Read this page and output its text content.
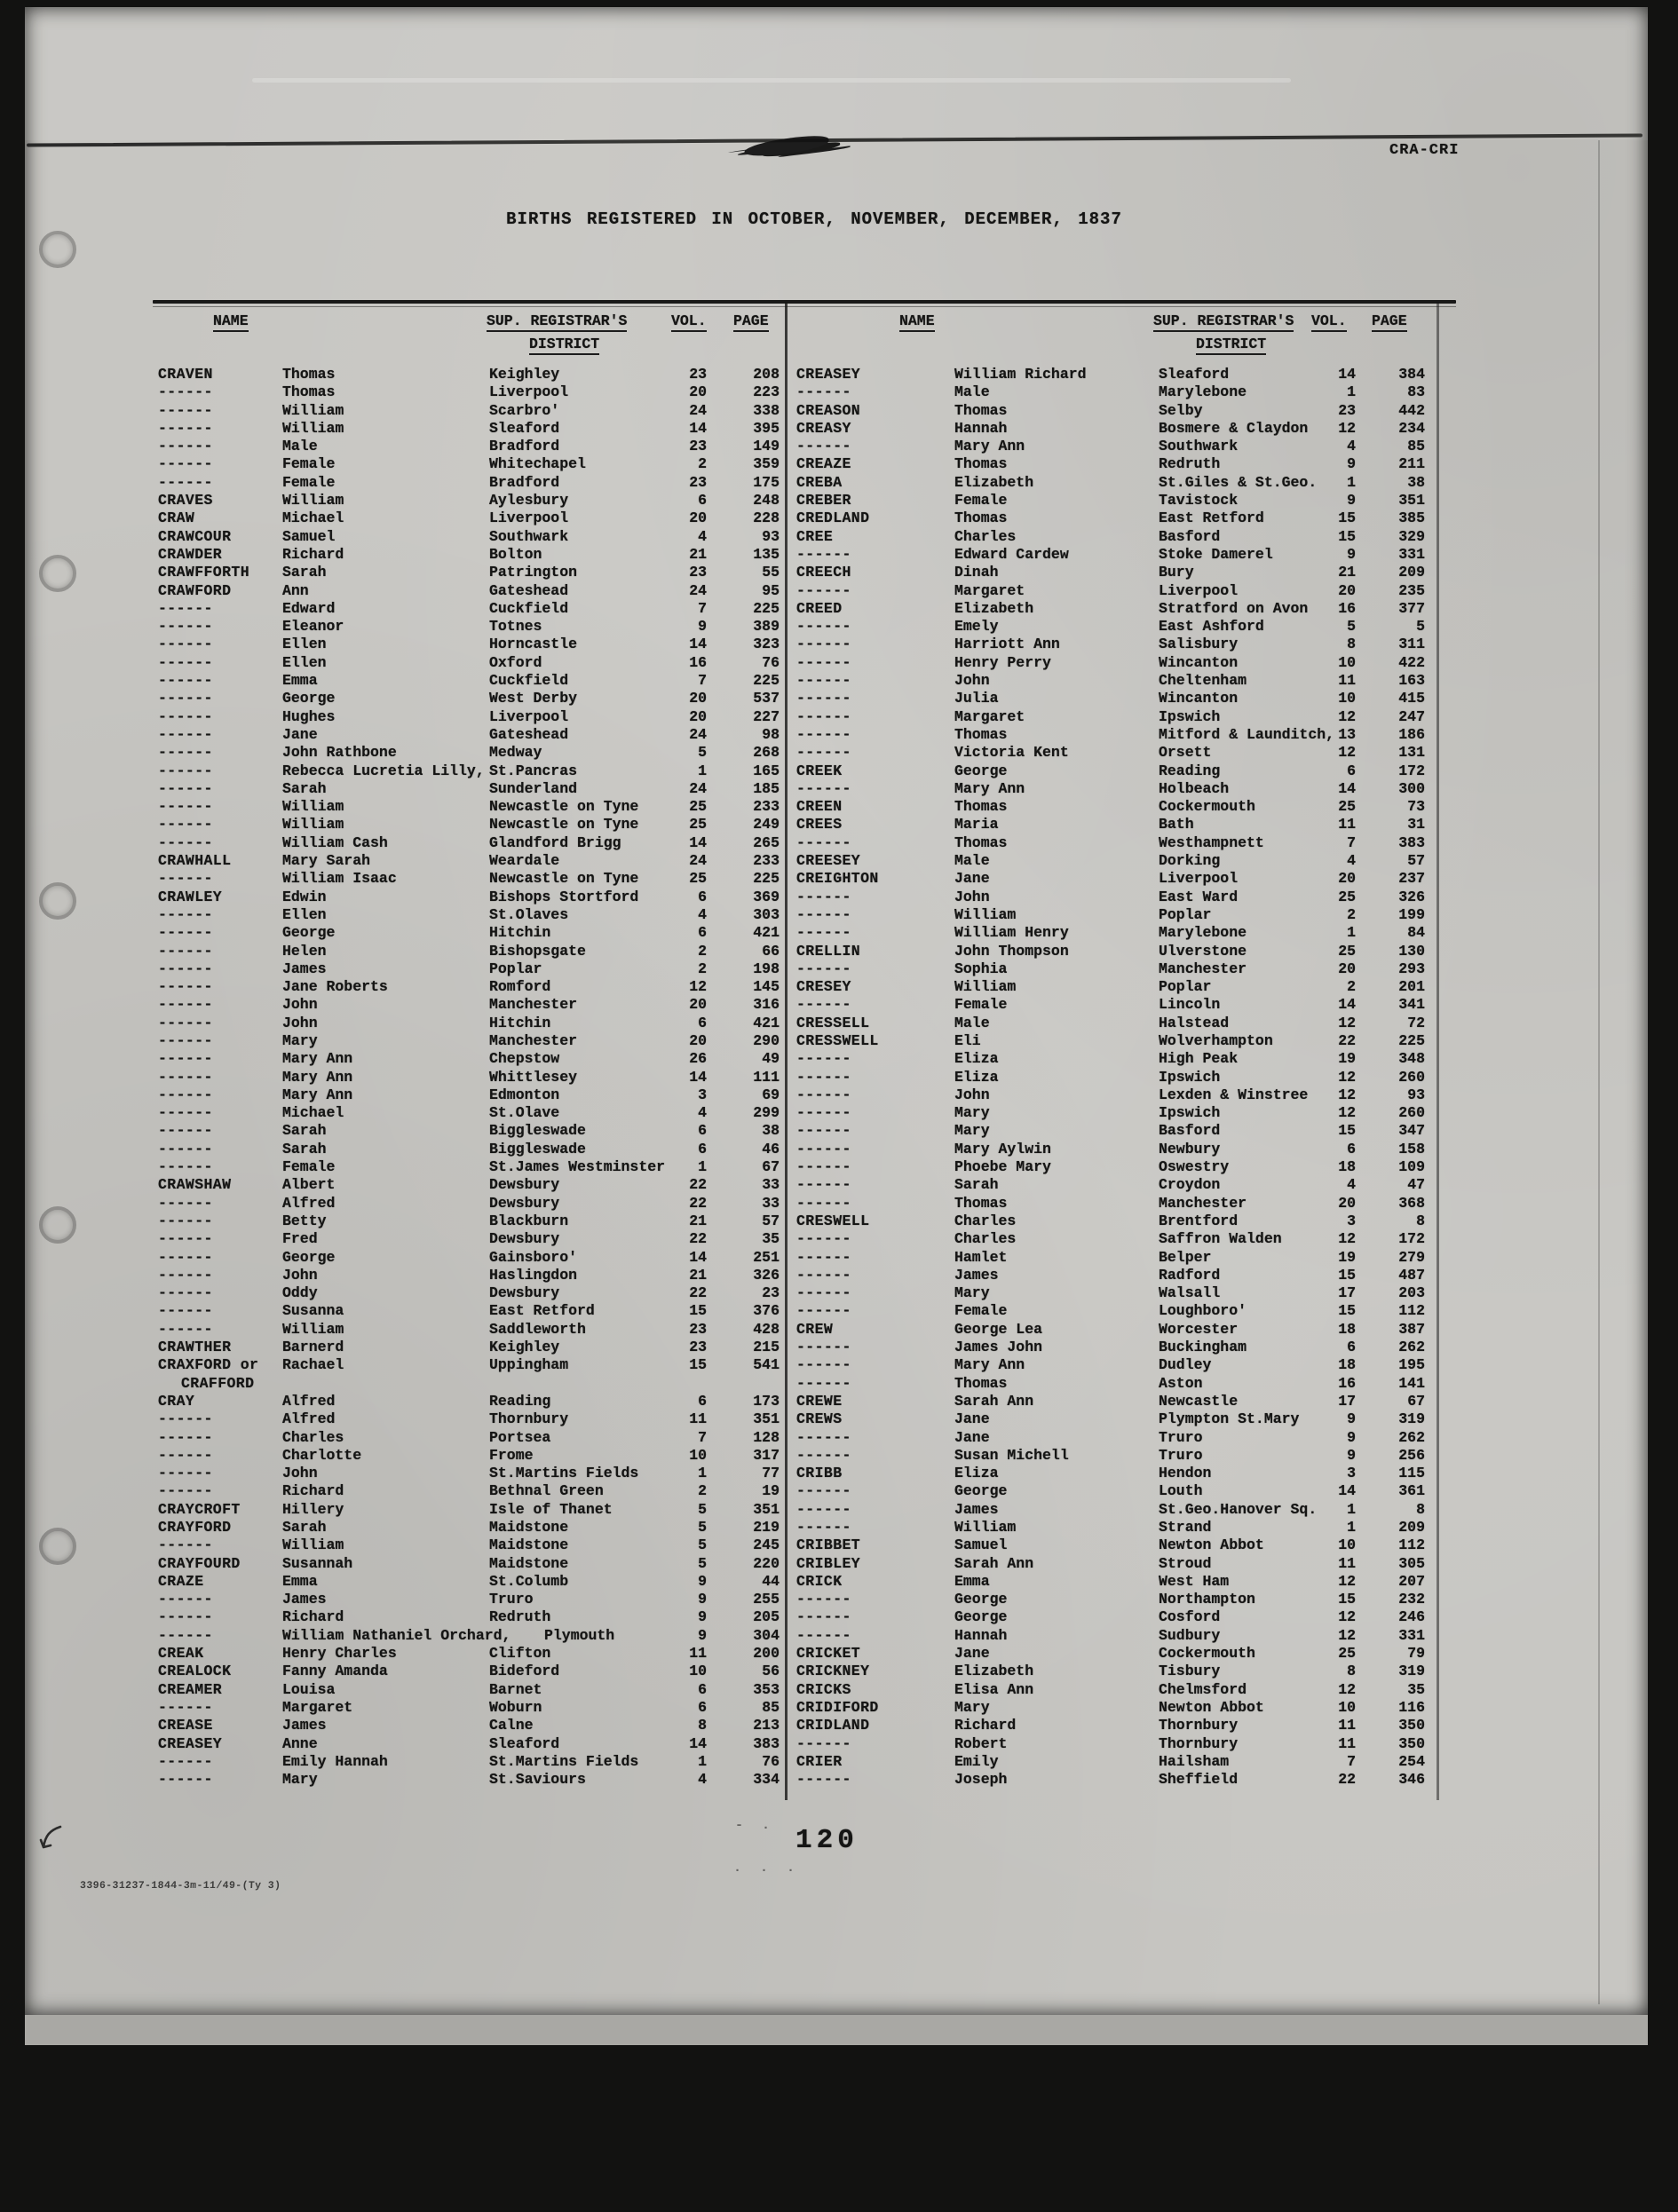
CRA-CRI
BIRTHS REGISTERED IN OCTOBER, NOVEMBER, DECEMBER, 1837
NAME	SUP. REGISTRAR'S
DISTRICT
VOL. PAGE
CRAVEN	Thomas	Keighley	23	208
------	Thomas	Liverpool	20	223
------	William	Scarbro'	24	338
------	William	Sleaford	14	395
------	Male	Bradford	23	149
------	Female	Whitechapel	2	359
------	Female	Bradford	23	175
CRAVES	William	Aylesbury	6	248
CRAW	Michael	Liverpool	20	228
CRAWCOUR	Samuel	Southwark	4	93
CRAWDER	Richard	Bolton	21	135
CRAWFFORTH	Sarah	Patrington	23	55
CRAWFORD	Ann	Gateshead	24	95
------	Edward	Cuckfield	7	225
------	Eleanor	Totnes	9	389
------	Ellen	Horncastle	14	323
------	Ellen	Oxford	16	76
------	Emma	Cuckfield	7	225
------	George	West Derby	20	537
------	Hughes	Liverpool	20	227
------	Jane	Gateshead	24	98
------	John Rathbone	Medway	5	268
------	Rebecca Lucretia Lilly, St.Pancras	1	165
------	Sarah	Sunderland	24	185
------	William	Newcastle on Tyne	25	233
------	William	Newcastle on Tyne	25	249
------	William Cash	Glandford Brigg	14	265
CRAWHALL	Mary Sarah	Weardale	24	233
------	William Isaac	Newcastle on Tyne	25	225
CRAWLEY	Edwin	Bishops Stortford	6	369
------	Ellen	St.Olaves	4	303
------	George	Hitchin	6	421
------	Helen	Bishopsgate	2	66
------	James	Poplar	2	198
------	Jane Roberts	Romford	12	145
------	John	Manchester	20	316
------	John	Hitchin	6	421
------	Mary	Manchester	20	290
------	Mary Ann	Chepstow	26	49
------	Mary Ann	Whittlesey	14	111
------	Mary Ann	Edmonton	3	69
------	Michael	St.Olave	4	299
------	Sarah	Biggleswade	6	38
------	Sarah	Biggleswade	6	46
------	Female	St.James Westminster	1	67
CRAWSHAW	Albert	Dewsbury	22	33
------	Alfred	Dewsbury	22	33
------	Betty	Blackburn	21	57
------	Fred	Dewsbury	22	35
------	George	Gainsboro'	14	251
------	John	Haslingdon	21	326
------	Oddy	Dewsbury	22	23
------	Susanna	East Retford	15	376
------	William	Saddleworth	23	428
CRAWTHER	Barnerd	Keighley	23	215
CRAXFORD or
CRAFFORD
Rachael	Uppingham	15	541
CRAY	Alfred	Reading	6	173
------	Alfred	Thornbury	11	351
------	Charles	Portsea	7	128
------	Charlotte	Frome	10	317
------	John	St.Martins Fields	1	77
------	Richard	Bethnal Green	2	19
CRAYCROFT	Hillery	Isle of Thanet	5	351
CRAYFORD	Sarah	Maidstone	5	219
------	William	Maidstone	5	245
CRAYFOURD	Susannah	Maidstone	5	220
CRAZE	Emma	St.Columb	9	44
------	James	Truro	9	255
------	Richard	Redruth	9	205
------	William Nathaniel Orchard,	Plymouth	9	304
CREAK	Henry Charles	Clifton	11	200
CREALOCK	Fanny Amanda	Bideford	10	56
CREAMER	Louisa	Barnet	6	353
------	Margaret	Woburn	6	85
CREASE	James	Calne	8	213
CREASEY	Anne	Sleaford	14	383
------	Emily Hannah	St.Martins Fields	1	76
------	Mary	St.Saviours	4	334
NAME	SUP. REGISTRAR'S
DISTRICT
VOL. PAGE
CREASEY	William Richard	Sleaford	14	384
------	Male	Marylebone	1	83
CREASON	Thomas	Selby	23	442
CREASY	Hannah	Bosmere & Claydon	12	234
------	Mary Ann	Southwark	4	85
CREAZE	Thomas	Redruth	9	211
CREBA	Elizabeth	St.Giles & St.Geo.	1	38
CREBER	Female	Tavistock	9	351
CREDLAND	Thomas	East Retford	15	385
CREE	Charles	Basford	15	329
------	Edward Cardew	Stoke Damerel	9	331
CREECH	Dinah	Bury	21	209
------	Margaret	Liverpool	20	235
CREED	Elizabeth	Stratford on Avon	16	377
------	Emely	East Ashford	5	5
------	Harriott Ann	Salisbury	8	311
------	Henry Perry	Wincanton	10	422
------	John	Cheltenham	11	163
------	Julia	Wincanton	10	415
------	Margaret	Ipswich	12	247
------	Thomas	Mitford & Launditch, 13	186
------	Victoria Kent	Orsett	12	131
CREEK	George	Reading	6	172
------	Mary Ann	Holbeach	14	300
CREEN	Thomas	Cockermouth	25	73
CREES	Maria	Bath	11	31
------	Thomas	Westhampnett	7	383
CREESEY	Male	Dorking	4	57
CREIGHTON	Jane	Liverpool	20	237
------	John	East Ward	25	326
------	William	Poplar	2	199
------	William Henry	Marylebone	1	84
CRELLIN	John Thompson	Ulverstone	25	130
------	Sophia	Manchester	20	293
CRESEY	William	Poplar	2	201
------	Female	Lincoln	14	341
CRESSELL	Male	Halstead	12	72
CRESSWELL	Eli	Wolverhampton	22	225
------	Eliza	High Peak	19	348
------	Eliza	Ipswich	12	260
------	John	Lexden & Winstree	12	93
------	Mary	Ipswich	12	260
------	Mary	Basford	15	347
------	Mary Aylwin	Newbury	6	158
------	Phoebe Mary	Oswestry	18	109
------	Sarah	Croydon	4	47
------	Thomas	Manchester	20	368
CRESWELL	Charles	Brentford	3	8
------	Charles	Saffron Walden	12	172
------	Hamlet	Belper	19	279
------	James	Radford	15	487
------	Mary	Walsall	17	203
------	Female	Loughboro'	15	112
CREW	George Lea	Worcester	18	387
------	James John	Buckingham	6	262
------	Mary Ann	Dudley	18	195
------	Thomas	Aston	16	141
CREWE	Sarah Ann	Newcastle	17	67
CREWS	Jane	Plympton St.Mary	9	319
------	Jane	Truro	9	262
------	Susan Michell	Truro	9	256
CRIBB	Eliza	Hendon	3	115
------	George	Louth	14	361
------	James	St.Geo.Hanover Sq.	1	8
------	William	Strand	1	209
CRIBBET	Samuel	Newton Abbot	10	112
CRIBLEY	Sarah Ann	Stroud	11	305
CRICK	Emma	West Ham	12	207
------	George	Northampton	15	232
------	George	Cosford	12	246
------	Hannah	Sudbury	12	331
CRICKET	Jane	Cockermouth	25	79
CRICKNEY	Elizabeth	Tisbury	8	319
CRICKS	Elisa Ann	Chelmsford	12	35
CRIDIFORD	Mary	Newton Abbot	10	116
CRIDLAND	Richard	Thornbury	11	350
------	Robert	Thornbury	11	350
CRIER	Emily	Hailsham	7	254
------	Joseph	Sheffield	22	346
- . 120
. . .
3396-31237-1844-3m-11/49-(Ty 3)
